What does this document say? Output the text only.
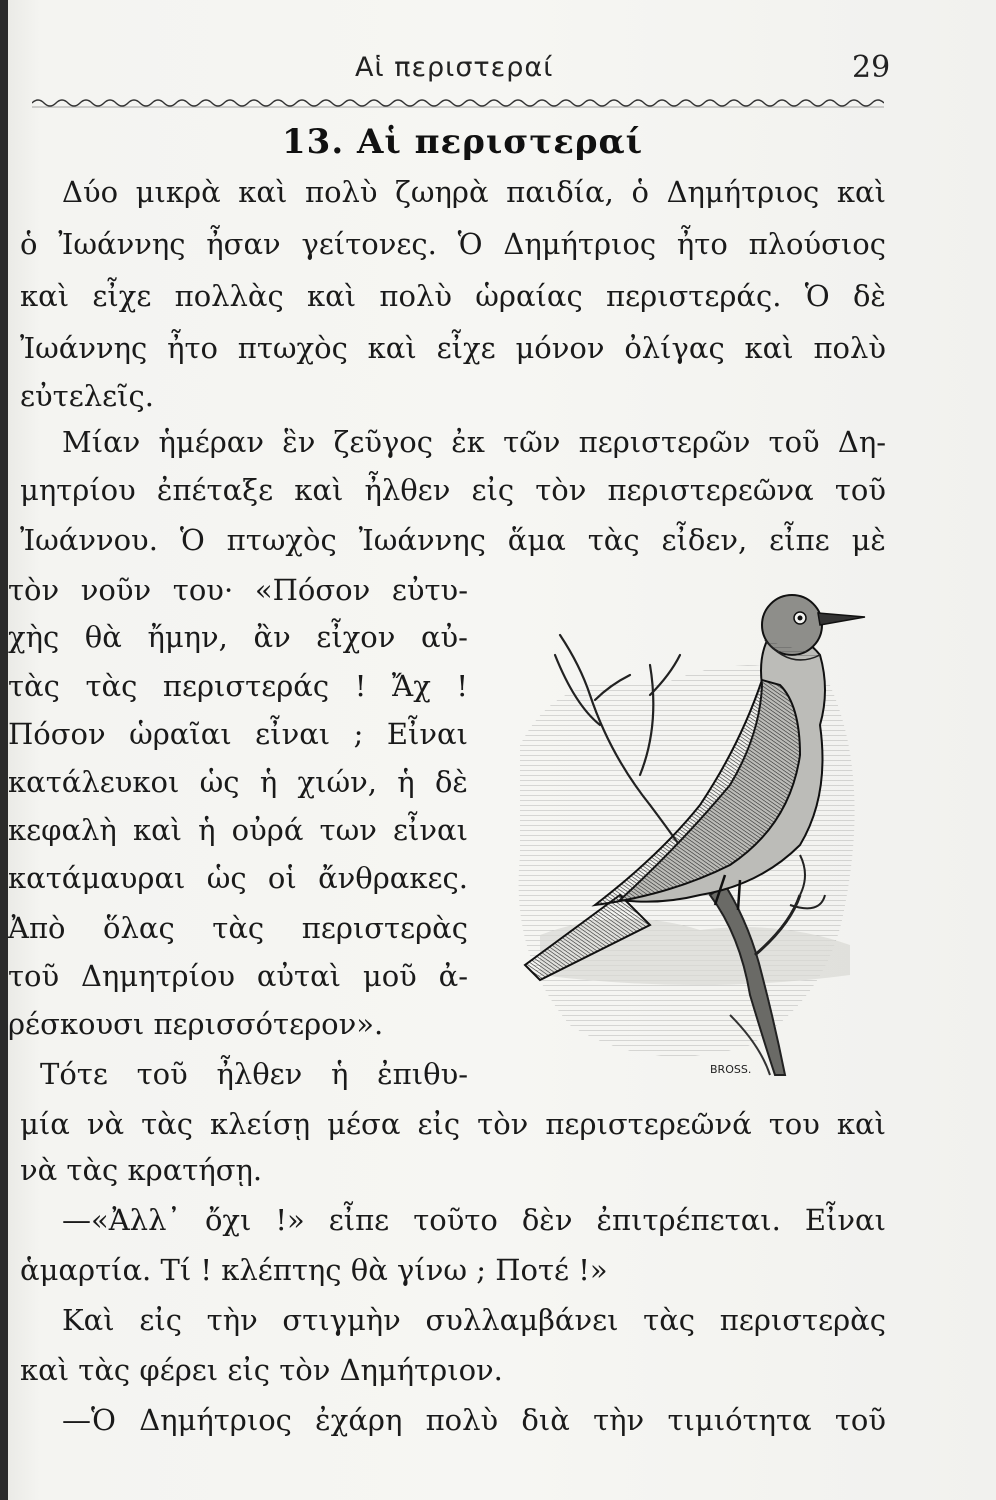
Αἱ περιστεραί	29
13. Αἱ περιστεραί
Δύο μικρὰ καὶ πολὺ ζωηρὰ παιδία, ὁ Δημήτριος καὶ
ὁ Ἰωάννης ἦσαν γείτονες. Ὁ Δημήτριος ἦτο πλούσιος
καὶ εἶχε πολλὰς καὶ πολὺ ὡραίας περιστεράς. Ὁ δὲ
Ἰωάννης ἦτο πτωχὸς καὶ εἶχε μόνον ὀλίγας καὶ πολὺ
εὐτελεῖς.
Μίαν ἡμέραν ἓν ζεῦγος ἐκ τῶν περιστερῶν τοῦ Δη-
μητρίου ἐπέταξε καὶ ἦλθεν εἰς τὸν περιστερεῶνα τοῦ
Ἰωάννου. Ὁ πτωχὸς Ἰωάννης ἅμα τὰς εἶδεν, εἶπε μὲ
τὸν νοῦν του· «Πόσον εὐτυ-
χὴς θὰ ἤμην, ἂν εἶχον αὐ-
τὰς τὰς περιστεράς ! Ἄχ !
Πόσον ὡραῖαι εἶναι ; Εἶναι
κατάλευκοι ὡς ἡ χιών, ἡ δὲ
κεφαλὴ καὶ ἡ οὐρά των εἶναι
κατάμαυραι ὡς οἱ ἄνθρακες.
Ἀπὸ ὅλας τὰς περιστερὰς
τοῦ Δημητρίου αὐταὶ μοῦ ἀ-
ρέσκουσι περισσότερον».
Τότε τοῦ ἦλθεν ἡ ἐπιθυ-
μία νὰ τὰς κλείσῃ μέσα εἰς τὸν περιστερεῶνά του καὶ
νὰ τὰς κρατήσῃ.
—«Ἀλλ᾽ ὄχι !» εἶπε τοῦτο δὲν ἐπιτρέπεται. Εἶναι
ἁμαρτία. Τί ! κλέπτης θὰ γίνω ; Ποτέ !»
Καὶ εἰς τὴν στιγμὴν συλλαμβάνει τὰς περιστερὰς
καὶ τὰς φέρει εἰς τὸν Δημήτριον.
—Ὁ Δημήτριος ἐχάρη πολὺ διὰ τὴν τιμιότητα τοῦ
BROSS.
